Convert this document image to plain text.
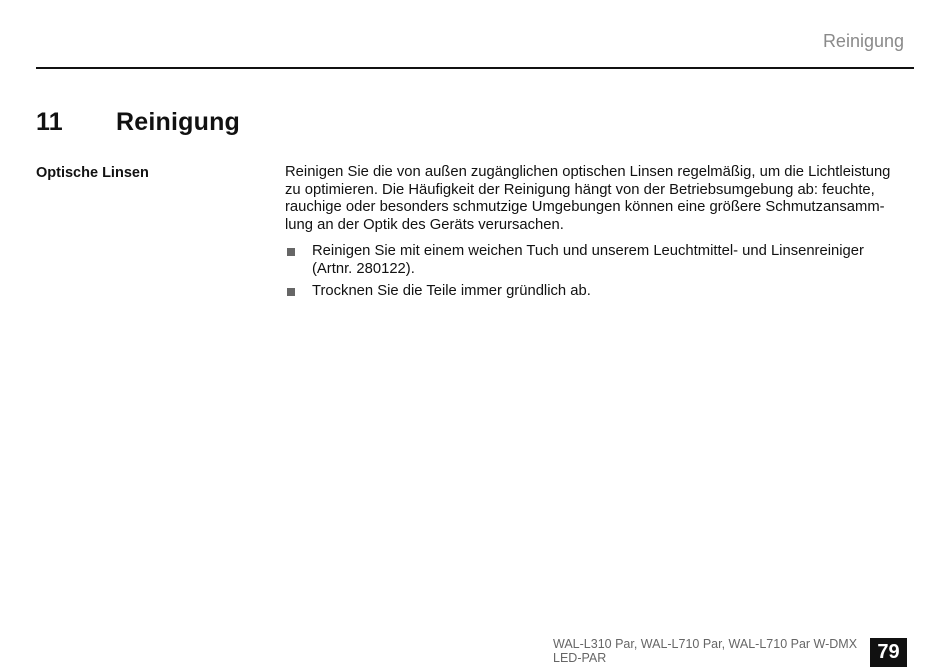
Reinigung
11 Reinigung
Optische Linsen	Reinigen Sie die von außen zugänglichen optischen Linsen regelmäßig, um die Lichtleistung
zu optimieren. Die Häufigkeit der Reinigung hängt von der Betriebsumgebung ab: feuchte,
rauchige oder besonders schmutzige Umgebungen können eine größere Schmutzansamm-
lung an der Optik des Geräts verursachen.

Reinigen Sie mit einem weichen Tuch und unserem Leuchtmittel- und Linsenreiniger
(Artnr. 280122).
Trocknen Sie die Teile immer gründlich ab.
WAL-L310 Par, WAL-L710 Par, WAL-L710 Par W-DMX
LED-PAR	79
